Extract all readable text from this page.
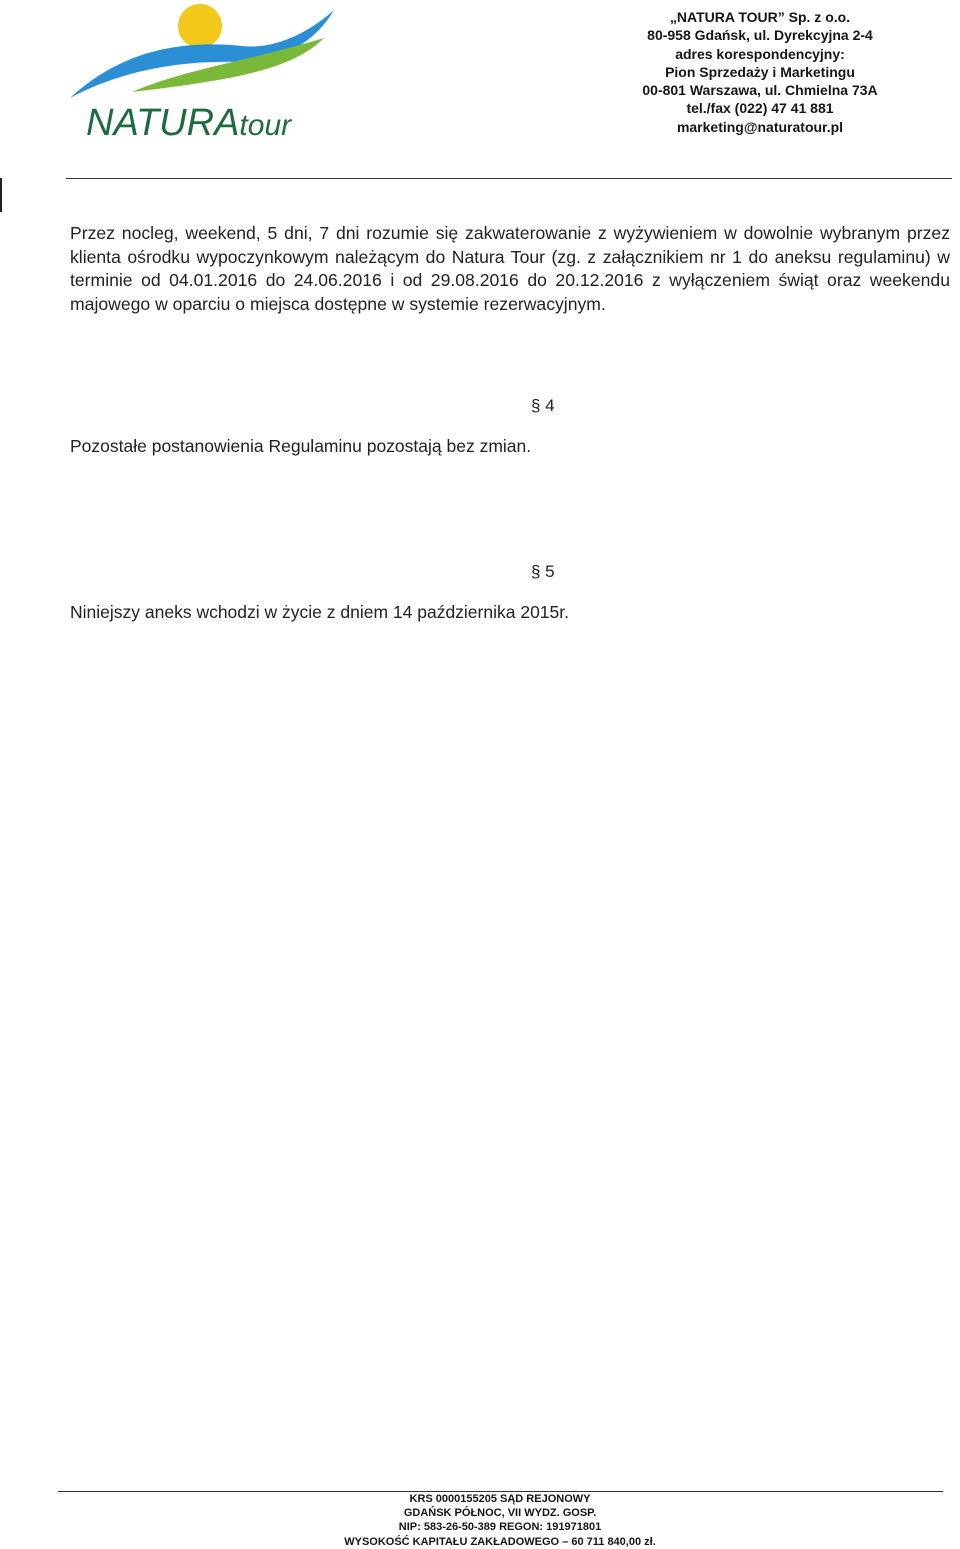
NATURAtour
„NATURA TOUR” Sp. z o.o.
80-958 Gdańsk, ul. Dyrekcyjna 2-4
adres korespondencyjny:
Pion Sprzedaży i Marketingu
00-801 Warszawa, ul. Chmielna 73A
tel./fax (022) 47 41 881
marketing@naturatour.pl
Przez nocleg, weekend, 5 dni, 7 dni rozumie się zakwaterowanie z wyżywieniem w dowolnie wybranym przez klienta ośrodku wypoczynkowym należącym do Natura Tour (zg. z załącznikiem nr 1 do aneksu regulaminu) w terminie od 04.01.2016 do 24.06.2016 i od 29.08.2016 do 20.12.2016 z wyłączeniem świąt oraz weekendu majowego w oparciu o miejsca dostępne w systemie rezerwacyjnym.
§ 4
Pozostałe postanowienia Regulaminu pozostają bez zmian.
§ 5
Niniejszy aneks wchodzi w życie z dniem 14 października 2015r.
KRS 0000155205 SĄD REJONOWY
GDAŃSK PÓŁNOC, VII WYDZ. GOSP.
NIP: 583-26-50-389 REGON: 191971801
WYSOKOŚĆ KAPITAŁU ZAKŁADOWEGO – 60 711 840,00 zł.
